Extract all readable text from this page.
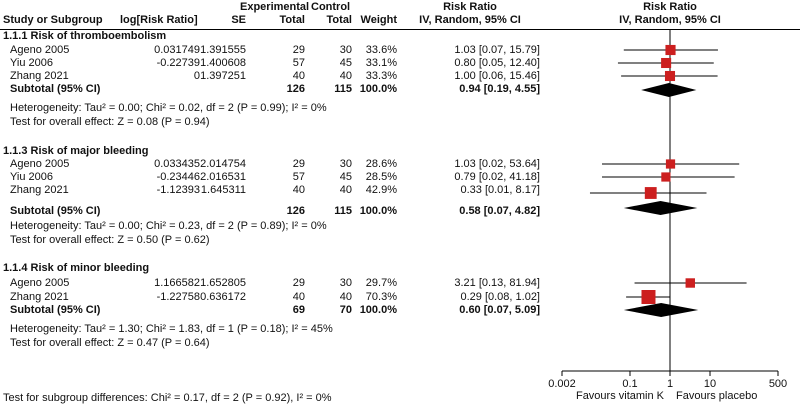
Experimental Control	Risk Ratio	Risk Ratio
Study or Subgroup log[Risk Ratio]	SE	Total	Total Weight	IV, Random, 95% CI	IV, Random, 95% CI
1.1.1 Risk of thromboembolism
Ageno 2005	0.031749 1.391555	29	30	33.6%	1.03 [0.07, 15.79]
Yiu 2006	-0.22739 1.400608	57	45	33.1%	0.80 [0.05, 12.40]
Zhang 2021	0 1.397251	40	40	33.3%	1.00 [0.06, 15.46]
Subtotal (95% CI)	126	115 100.0%	0.94 [0.19, 4.55]
Heterogeneity: Tau² = 0.00; Chi² = 0.02, df = 2 (P = 0.99); I² = 0%
Test for overall effect: Z = 0.08 (P = 0.94)
1.1.3 Risk of major bleeding
Ageno 2005	0.033435 2.014754	29	30	28.6%	1.03 [0.02, 53.64]
Yiu 2006	-0.23446 2.016531	57	45	28.5%	0.79 [0.02, 41.18]
Zhang 2021	-1.12393 1.645311	40	40	42.9%	0.33 [0.01, 8.17]
Subtotal (95% CI)	126	115 100.0%	0.58 [0.07, 4.82]
Heterogeneity: Tau² = 0.00; Chi² = 0.23, df = 2 (P = 0.89); I² = 0%
Test for overall effect: Z = 0.50 (P = 0.62)
1.1.4 Risk of minor bleeding
Ageno 2005	1.166582 1.652805	29	30	29.7%	3.21 [0.13, 81.94]
Zhang 2021	-1.22758 0.636172	40	40	70.3%	0.29 [0.08, 1.02]
Subtotal (95% CI)	69	70 100.0%	0.60 [0.07, 5.09]
Heterogeneity: Tau² = 1.30; Chi² = 1.83, df = 1 (P = 0.18); I² = 45%
Test for overall effect: Z = 0.47 (P = 0.64)
Test for subgroup differences: Chi² = 0.17, df = 2 (P = 0.92), I² = 0%
0.002	0.1	1	10	500
Favours vitamin K Favours placebo
